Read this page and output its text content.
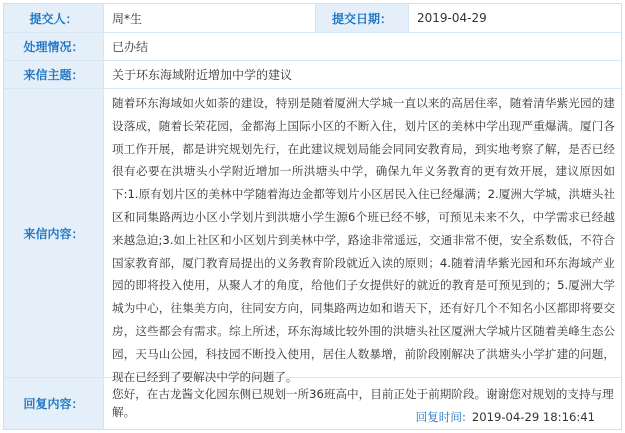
提交人：	周*生	提交日期：	2019-04-29
处理情况：	已办结
来信主题：	关于环东海域附近增加中学的建议
来信内容：
随着环东海域如火如荼的建设，特别是随着厦洲大学城一直以来的高居住率，随着清华紫光园的建设落成，随着长荣花园，金都海上国际小区的不断入住，划片区的美林中学出现严重爆满。厦门各项工作开展，都是讲究规划先行，在此建议规划局能会同同安教育局，到实地考察了解，是否已经很有必要在洪塘头小学附近增加一所洪塘头中学，确保九年义务教育的更有效开展，建议原因如下:1.原有划片区的美林中学随着海边金都等划片小区居民入住已经爆满；2.厦洲大学城，洪塘头社区和同集路两边小区小学划片到洪塘小学生源6个班已经不够，可预见未来不久，中学需求已经越来越急迫;3.如上社区和小区划片到美林中学，路途非常遥远，交通非常不便，安全系数低，不符合国家教育部，厦门教育局提出的义务教育阶段就近入读的原则；4.随着清华紫光园和环东海域产业园的即将投入使用，从聚人才的角度，给他们子女提供好的就近的教育是可预见到的；5.厦洲大学城为中心，往集美方向，往同安方向，同集路两边如和谐天下，还有好几个不知名小区都即将要交房，这些都会有需求。综上所述，环东海域比较外围的洪塘头社区厦洲大学城片区随着美峰生态公园，天马山公园，科技园不断投入使用，居住人数暴增，前阶段刚解决了洪塘头小学扩建的问题，现在已经到了要解决中学的问题了。
回复内容：
您好，在古龙酱文化园东侧已规划一所36班高中，目前正处于前期阶段。谢谢您对规划的支持与理解。	回复时间: 2019-04-29 18:16:41
